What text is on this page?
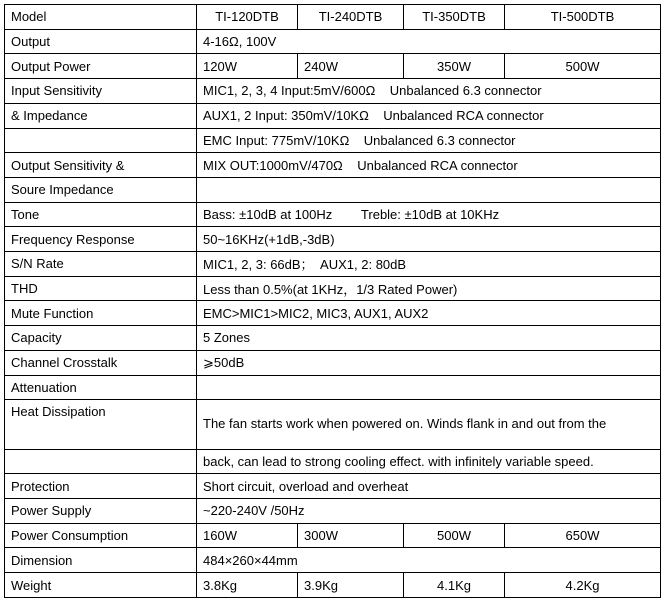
Model	TI-120DTB	TI-240DTB	TI-350DTB	TI-500DTB
Output	4-16Ω, 100V			
Output Power	120W	240W	350W	500W
Input Sensitivity	MIC1, 2, 3, 4 Input:5mV/600Ω    Unbalanced 6.3 connector			
& Impedance	AUX1, 2 Input: 350mV/10KΩ    Unbalanced RCA connector			
	EMC Input: 775mV/10KΩ    Unbalanced 6.3 connector			
Output Sensitivity &	MIX OUT:1000mV/470Ω    Unbalanced RCA connector			
Soure Impedance				
Tone	Bass: ±10dB at 100Hz        Treble: ±10dB at 10KHz			
Frequency Response	50~16KHz(+1dB,-3dB)			
S/N Rate	MIC1, 2, 3: 66dB；  AUX1, 2: 80dB			
THD	Less than 0.5%(at 1KHz，1/3 Rated Power)			
Mute Function	EMC>MIC1>MIC2, MIC3, AUX1, AUX2			
Capacity	5 Zones			
Channel Crosstalk	⩾50dB			
Attenuation				
Heat Dissipation	The fan starts work when powered on. Winds flank in and out from the			
	back, can lead to strong cooling effect. with infinitely variable speed.			
Protection	Short circuit, overload and overheat			
Power Supply	~220-240V /50Hz			
Power Consumption	160W	300W	500W	650W
Dimension	484×260×44mm			
Weight	3.8Kg	3.9Kg	4.1Kg	4.2Kg
